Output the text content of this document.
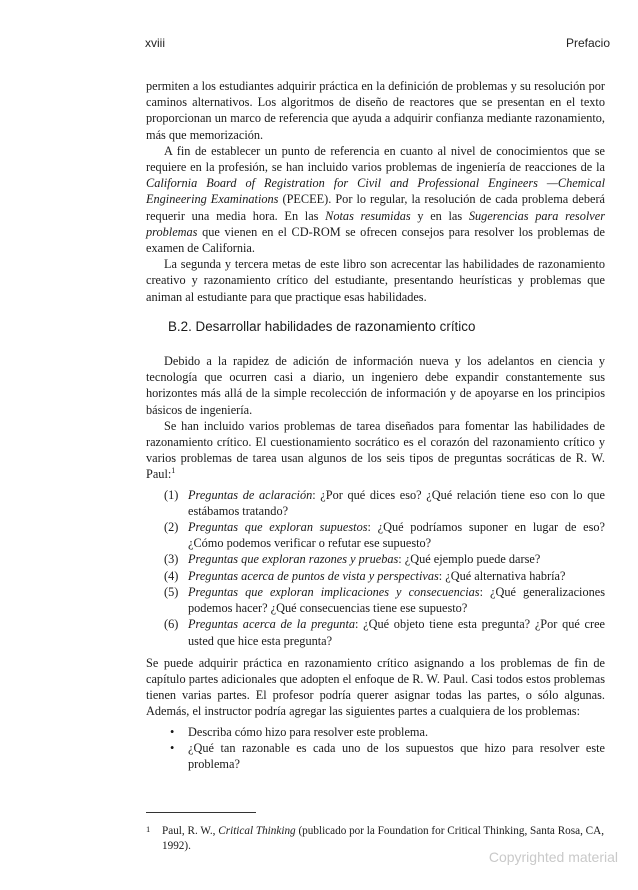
xviii	Prefacio

permiten a los estudiantes adquirir práctica en la definición de problemas y su resolución por caminos alternativos. Los algoritmos de diseño de reactores que se presentan en el texto proporcionan un marco de referencia que ayuda a adquirir confianza mediante razonamiento, más que memorización.

A fin de establecer un punto de referencia en cuanto al nivel de conocimientos que se requiere en la profesión, se han incluido varios problemas de ingeniería de reacciones de la California Board of Registration for Civil and Professional Engineers —Chemical Engineering Examinations (PECEE). Por lo regular, la resolución de cada problema deberá requerir una media hora. En las Notas resumidas y en las Sugerencias para resolver problemas que vienen en el CD-ROM se ofrecen consejos para resolver los problemas de examen de California.

La segunda y tercera metas de este libro son acrecentar las habilidades de razonamiento creativo y razonamiento crítico del estudiante, presentando heurísticas y problemas que animan al estudiante para que practique esas habilidades.

B.2. Desarrollar habilidades de razonamiento crítico

Debido a la rapidez de adición de información nueva y los adelantos en ciencia y tecnología que ocurren casi a diario, un ingeniero debe expandir constantemente sus horizontes más allá de la simple recolección de información y de apoyarse en los principios básicos de ingeniería.

Se han incluido varios problemas de tarea diseñados para fomentar las habilidades de razonamiento crítico. El cuestionamiento socrático es el corazón del razonamiento crítico y varios problemas de tarea usan algunos de los seis tipos de preguntas socráticas de R. W. Paul:$^1$

(1) Preguntas de aclaración: ¿Por qué dices eso? ¿Qué relación tiene eso con lo que estábamos tratando?
(2) Preguntas que exploran supuestos: ¿Qué podríamos suponer en lugar de eso? ¿Cómo podemos verificar o refutar ese supuesto?
(3) Preguntas que exploran razones y pruebas: ¿Qué ejemplo puede darse?
(4) Preguntas acerca de puntos de vista y perspectivas: ¿Qué alternativa habría?
(5) Preguntas que exploran implicaciones y consecuencias: ¿Qué generalizaciones podemos hacer? ¿Qué consecuencias tiene ese supuesto?
(6) Preguntas acerca de la pregunta: ¿Qué objeto tiene esta pregunta? ¿Por qué cree usted que hice esta pregunta?

Se puede adquirir práctica en razonamiento crítico asignando a los problemas de fin de capítulo partes adicionales que adopten el enfoque de R. W. Paul. Casi todos estos problemas tienen varias partes. El profesor podría querer asignar todas las partes, o sólo algunas. Además, el instructor podría agregar las siguientes partes a cualquiera de los problemas:

• Describa cómo hizo para resolver este problema.
• ¿Qué tan razonable es cada uno de los supuestos que hizo para resolver este problema?
1	Paul, R. W., Critical Thinking (publicado por la Foundation for Critical Thinking, Santa Rosa, CA, 1992).
Copyrighted material
